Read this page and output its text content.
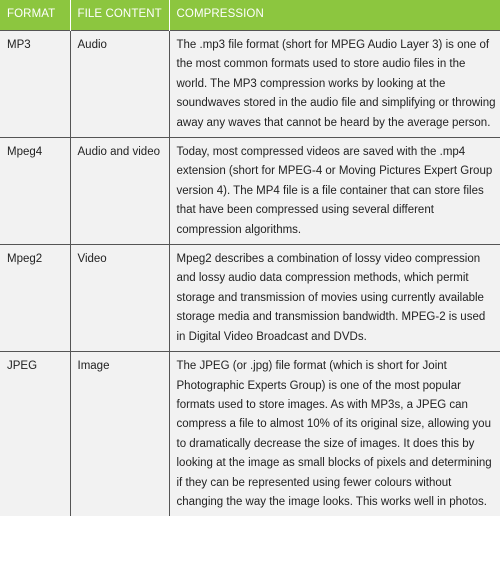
FORMAT	FILE CONTENT	COMPRESSION
MP3	Audio	The .mp3 file format (short for MPEG Audio Layer 3) is one of the most common formats used to store audio files in the world. The MP3 compression works by looking at the soundwaves stored in the audio file and simplifying or throwing away any waves that cannot be heard by the average person.
Mpeg4	Audio and video	Today, most compressed videos are saved with the .mp4 extension (short for MPEG-4 or Moving Pictures Expert Group version 4). The MP4 file is a file container that can store files that have been compressed using several different compression algorithms.
Mpeg2	Video	Mpeg2 describes a combination of lossy video compression and lossy audio data compression methods, which permit storage and transmission of movies using currently available storage media and transmission bandwidth. MPEG-2 is used in Digital Video Broadcast and DVDs.
JPEG	Image	The JPEG (or .jpg) file format (which is short for Joint Photographic Experts Group) is one of the most popular formats used to store images. As with MP3s, a JPEG can compress a file to almost 10% of its original size, allowing you to dramatically decrease the size of images. It does this by looking at the image as small blocks of pixels and determining if they can be represented using fewer colours without changing the way the image looks. This works well in photos.
